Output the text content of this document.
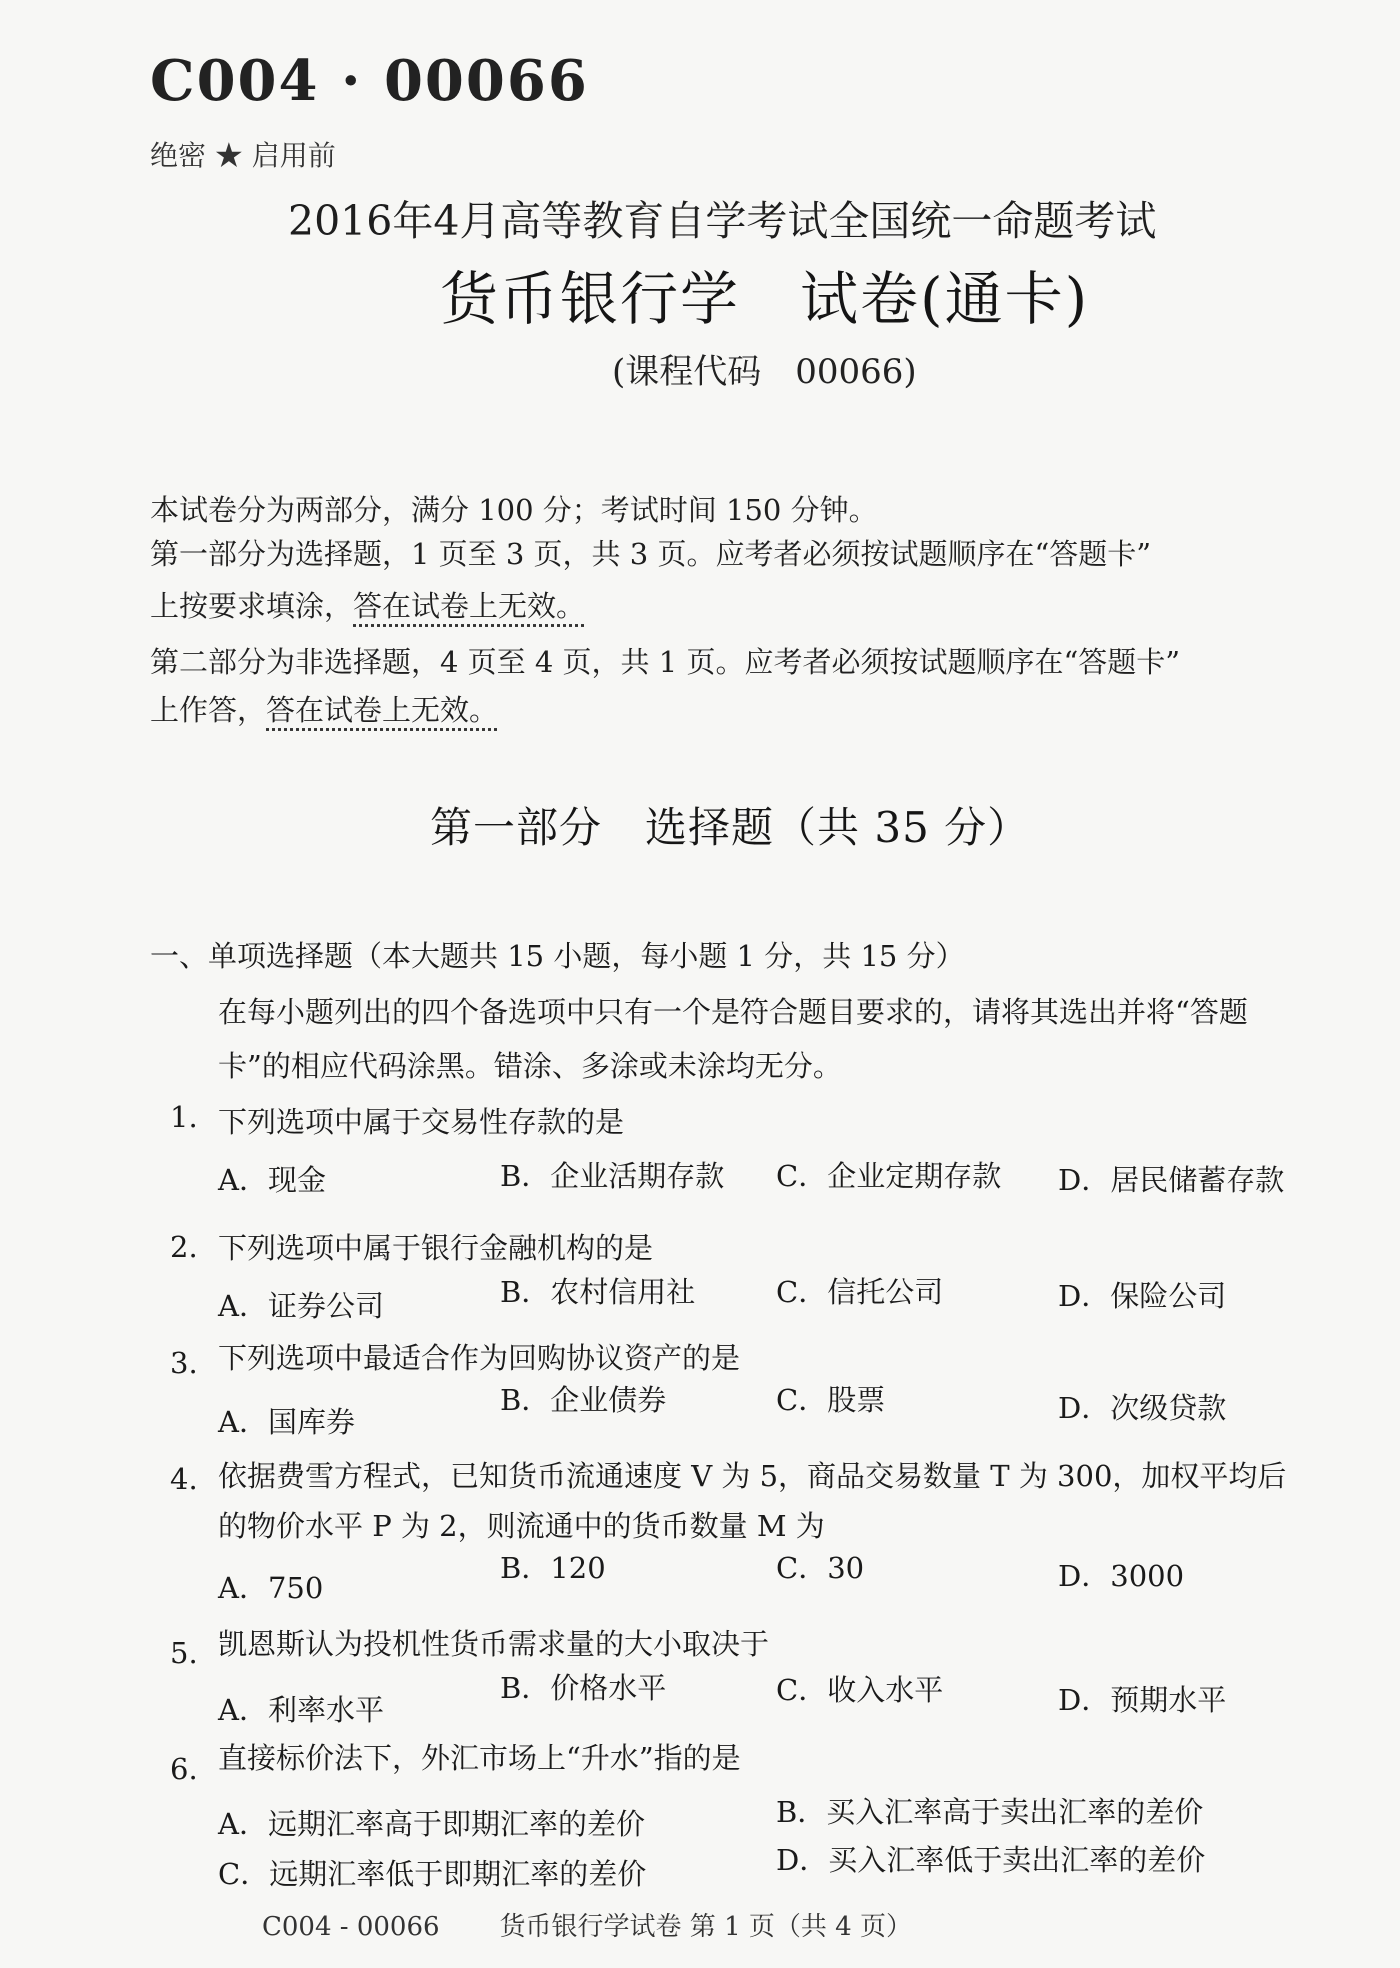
C004 · 00066
绝密 ★ 启用前
2016年4月高等教育自学考试全国统一命题考试
货币银行学　试卷(通卡)
(课程代码　00066)
本试卷分为两部分，满分 100 分；考试时间 150 分钟。
第一部分为选择题，1 页至 3 页，共 3 页。应考者必须按试题顺序在“答题卡”
上按要求填涂，答在试卷上无效。
第二部分为非选择题，4 页至 4 页，共 1 页。应考者必须按试题顺序在“答题卡”
上作答，答在试卷上无效。
第一部分　选择题（共 35 分）
一、单项选择题（本大题共 15 小题，每小题 1 分，共 15 分）
在每小题列出的四个备选项中只有一个是符合题目要求的，请将其选出并将“答题
卡”的相应代码涂黑。错涂、多涂或未涂均无分。
1. 下列选项中属于交易性存款的是
A．现金	B．企业活期存款 C．企业定期存款 D．居民储蓄存款
2. 下列选项中属于银行金融机构的是
A．证券公司	B．农村信用社	C．信托公司	D．保险公司
3. 下列选项中最适合作为回购协议资产的是
A．国库券
B．企业债券	C．股票	D．次级贷款
4. 依据费雪方程式，已知货币流通速度 V 为 5，商品交易数量 T 为 300，加权平均后
的物价水平 P 为 2，则流通中的货币数量 M 为
A．750
B．120	C．30	D．3000
5. 凯恩斯认为投机性货币需求量的大小取决于
A．利率水平
B．价格水平	C．收入水平	D．预期水平
6. 直接标价法下，外汇市场上“升水”指的是
A．远期汇率高于即期汇率的差价	B．买入汇率高于卖出汇率的差价
C．远期汇率低于即期汇率的差价	D．买入汇率低于卖出汇率的差价
C004 - 00066 货币银行学试卷 第 1 页（共 4 页）
